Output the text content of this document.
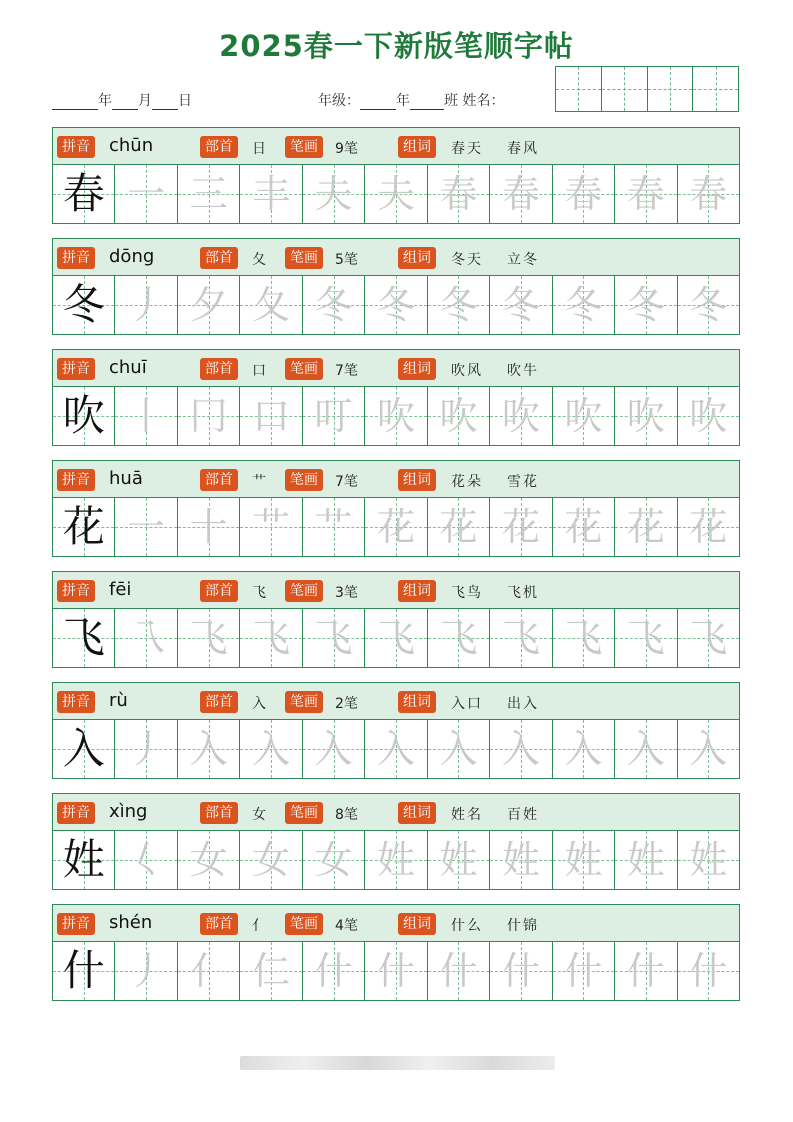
2025春一下新版笔顺字帖
年 月 日	年级：	年 班 姓名：
拼音 chūn	部首	日	笔画	9笔	组词	春天 春风
春 一 三 丰 夫 夫 春 春 春 春 春
拼音 dōng	部首	夂	笔画	5笔	组词	冬天 立冬
冬 丿 夕 夂 冬 冬 冬 冬 冬 冬 冬
拼音 chuī	部首	口	笔画	7笔	组词	吹风 吹牛
吹 丨 冂 口 叮 吹 吹 吹 吹 吹 吹
拼音 huā	部首	艹	笔画	7笔	组词	花朵 雪花
花 一 十 艹 艹 花 花 花 花 花 花
拼音 fēi	部首	飞	笔画	3笔	组词	飞鸟 飞机
飞 乁 飞 飞 飞 飞 飞 飞 飞 飞 飞
拼音 rù	部首	入	笔画	2笔	组词	入口 出入
入 丿 入 入 入 入 入 入 入 入 入
拼音 xìng	部首	女	笔画	8笔	组词	姓名 百姓
姓 𡿨 女 女 女 姓 姓 姓 姓 姓 姓
拼音 shén	部首	亻	笔画	4笔	组词	什么 什锦
什 丿 亻 仁 什 什 什 什 什 什 什
